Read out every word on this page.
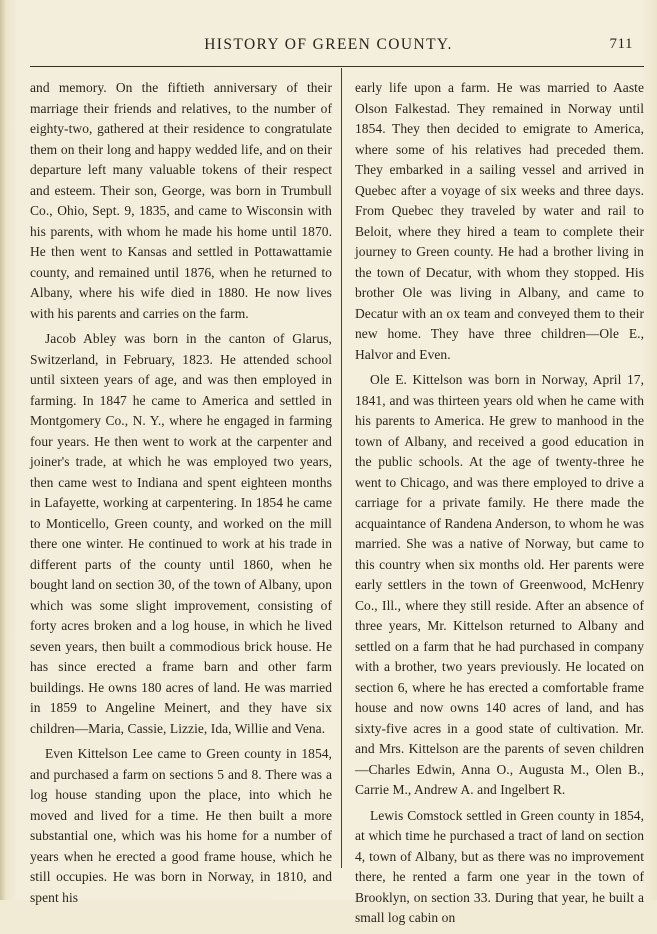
HISTORY OF GREEN COUNTY.	711

and memory. On the fiftieth anniversary of their marriage their friends and relatives, to the number of eighty-two, gathered at their residence to congratulate them on their long and happy wedded life, and on their departure left many valuable tokens of their respect and esteem. Their son, George, was born in Trumbull Co., Ohio, Sept. 9, 1835, and came to Wisconsin with his parents, with whom he made his home until 1870. He then went to Kansas and settled in Pottawattamie county, and remained until 1876, when he returned to Albany, where his wife died in 1880. He now lives with his parents and carries on the farm.

Jacob Abley was born in the canton of Glarus, Switzerland, in February, 1823. He attended school until sixteen years of age, and was then employed in farming. In 1847 he came to America and settled in Montgomery Co., N. Y., where he engaged in farming four years. He then went to work at the carpenter and joiner's trade, at which he was employed two years, then came west to Indiana and spent eighteen months in Lafayette, working at carpentering. In 1854 he came to Monticello, Green county, and worked on the mill there one winter. He continued to work at his trade in different parts of the county until 1860, when he bought land on section 30, of the town of Albany, upon which was some slight improvement, consisting of forty acres broken and a log house, in which he lived seven years, then built a commodious brick house. He has since erected a frame barn and other farm buildings. He owns 180 acres of land. He was married in 1859 to Angeline Meinert, and they have six children—Maria, Cassie, Lizzie, Ida, Willie and Vena.

Even Kittelson Lee came to Green county in 1854, and purchased a farm on sections 5 and 8. There was a log house standing upon the place, into which he moved and lived for a time. He then built a more substantial one, which was his home for a number of years when he erected a good frame house, which he still occupies. He was born in Norway, in 1810, and spent his

early life upon a farm. He was married to Aaste Olson Falkestad. They remained in Norway until 1854. They then decided to emigrate to America, where some of his relatives had preceded them. They embarked in a sailing vessel and arrived in Quebec after a voyage of six weeks and three days. From Quebec they traveled by water and rail to Beloit, where they hired a team to complete their journey to Green county. He had a brother living in the town of Decatur, with whom they stopped. His brother Ole was living in Albany, and came to Decatur with an ox team and conveyed them to their new home. They have three children—Ole E., Halvor and Even.

Ole E. Kittelson was born in Norway, April 17, 1841, and was thirteen years old when he came with his parents to America. He grew to manhood in the town of Albany, and received a good education in the public schools. At the age of twenty-three he went to Chicago, and was there employed to drive a carriage for a private family. He there made the acquaintance of Randena Anderson, to whom he was married. She was a native of Norway, but came to this country when six months old. Her parents were early settlers in the town of Greenwood, McHenry Co., Ill., where they still reside. After an absence of three years, Mr. Kittelson returned to Albany and settled on a farm that he had purchased in company with a brother, two years previously. He located on section 6, where he has erected a comfortable frame house and now owns 140 acres of land, and has sixty-five acres in a good state of cultivation. Mr. and Mrs. Kittelson are the parents of seven children—Charles Edwin, Anna O., Augusta M., Olen B., Carrie M., Andrew A. and Ingelbert R.

Lewis Comstock settled in Green county in 1854, at which time he purchased a tract of land on section 4, town of Albany, but as there was no improvement there, he rented a farm one year in the town of Brooklyn, on section 33. During that year, he built a small log cabin on
